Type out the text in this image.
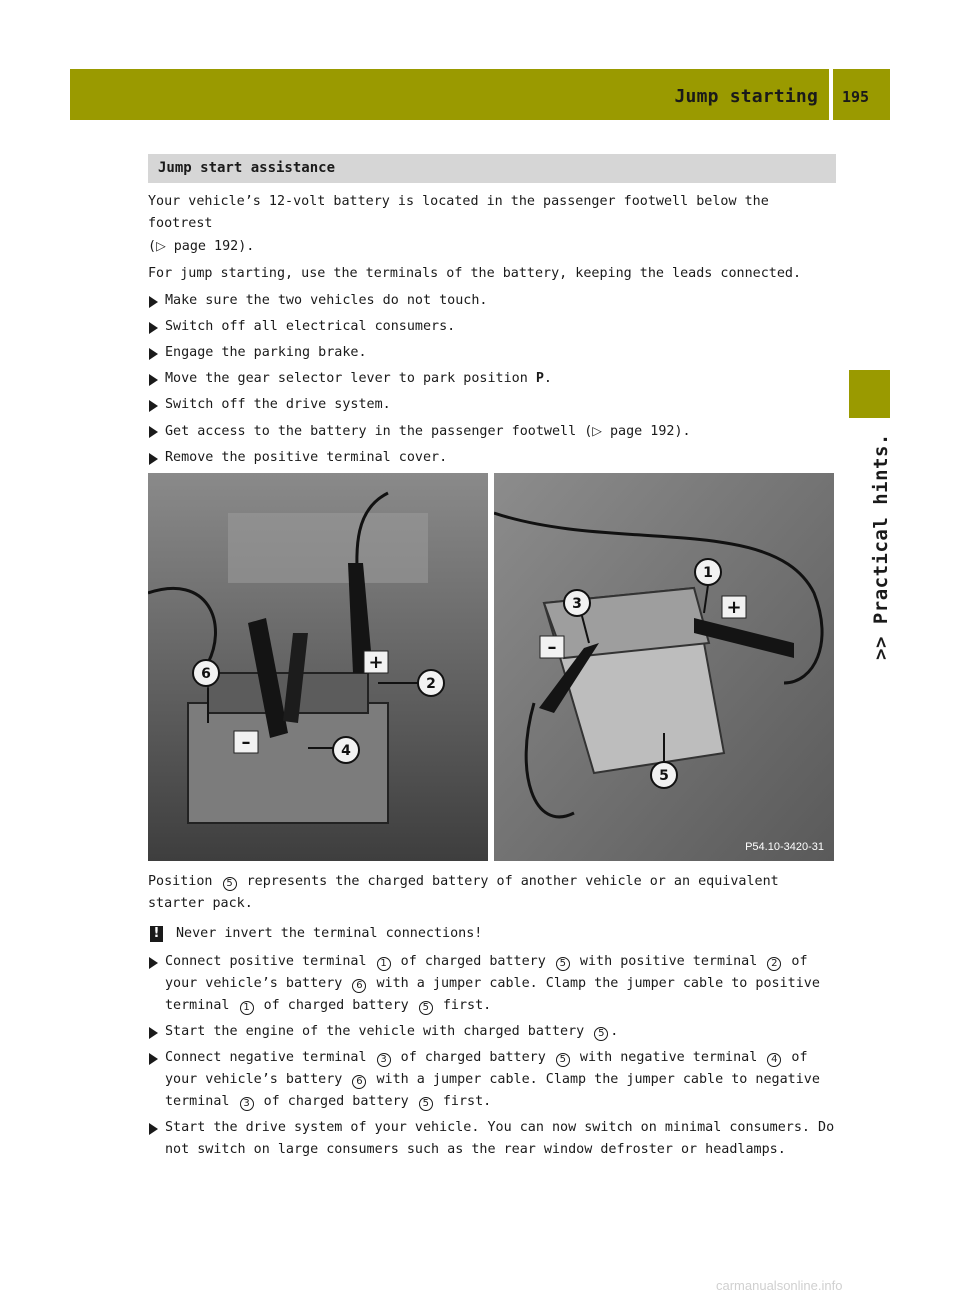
Jump starting 195
>> Practical hints.
Jump start assistance

Your vehicle’s 12-volt battery is located in the passenger footwell below the footrest
(▷ page 192).

For jump starting, use the terminals of the battery, keeping the leads connected.

Make sure the two vehicles do not touch.
Switch off all electrical consumers.
Engage the parking brake.
Move the gear selector lever to park position P.
Switch off the drive system.
Get access to the battery in the passenger footwell (▷ page 192).
Remove the positive terminal cover.
+
–
2
4
6
+
–
1
3
5
P54.10-3420-31

Position 5 represents the charged battery of another vehicle or an equivalent starter pack.

! Never invert the terminal connections!
Connect positive terminal 1 of charged battery 5 with positive terminal 2 of your vehicle’s battery 6 with a jumper cable. Clamp the jumper cable to positive terminal 1 of charged battery 5 first.
Start the engine of the vehicle with charged battery 5 .
Connect negative terminal 3 of charged battery 5 with negative terminal 4 of your vehicle’s battery 6 with a jumper cable. Clamp the jumper cable to negative terminal 3 of charged battery 5 first.
Start the drive system of your vehicle. You can now switch on minimal consumers. Do not switch on large consumers such as the rear window defroster or headlamps.
carmanualsonline.info
